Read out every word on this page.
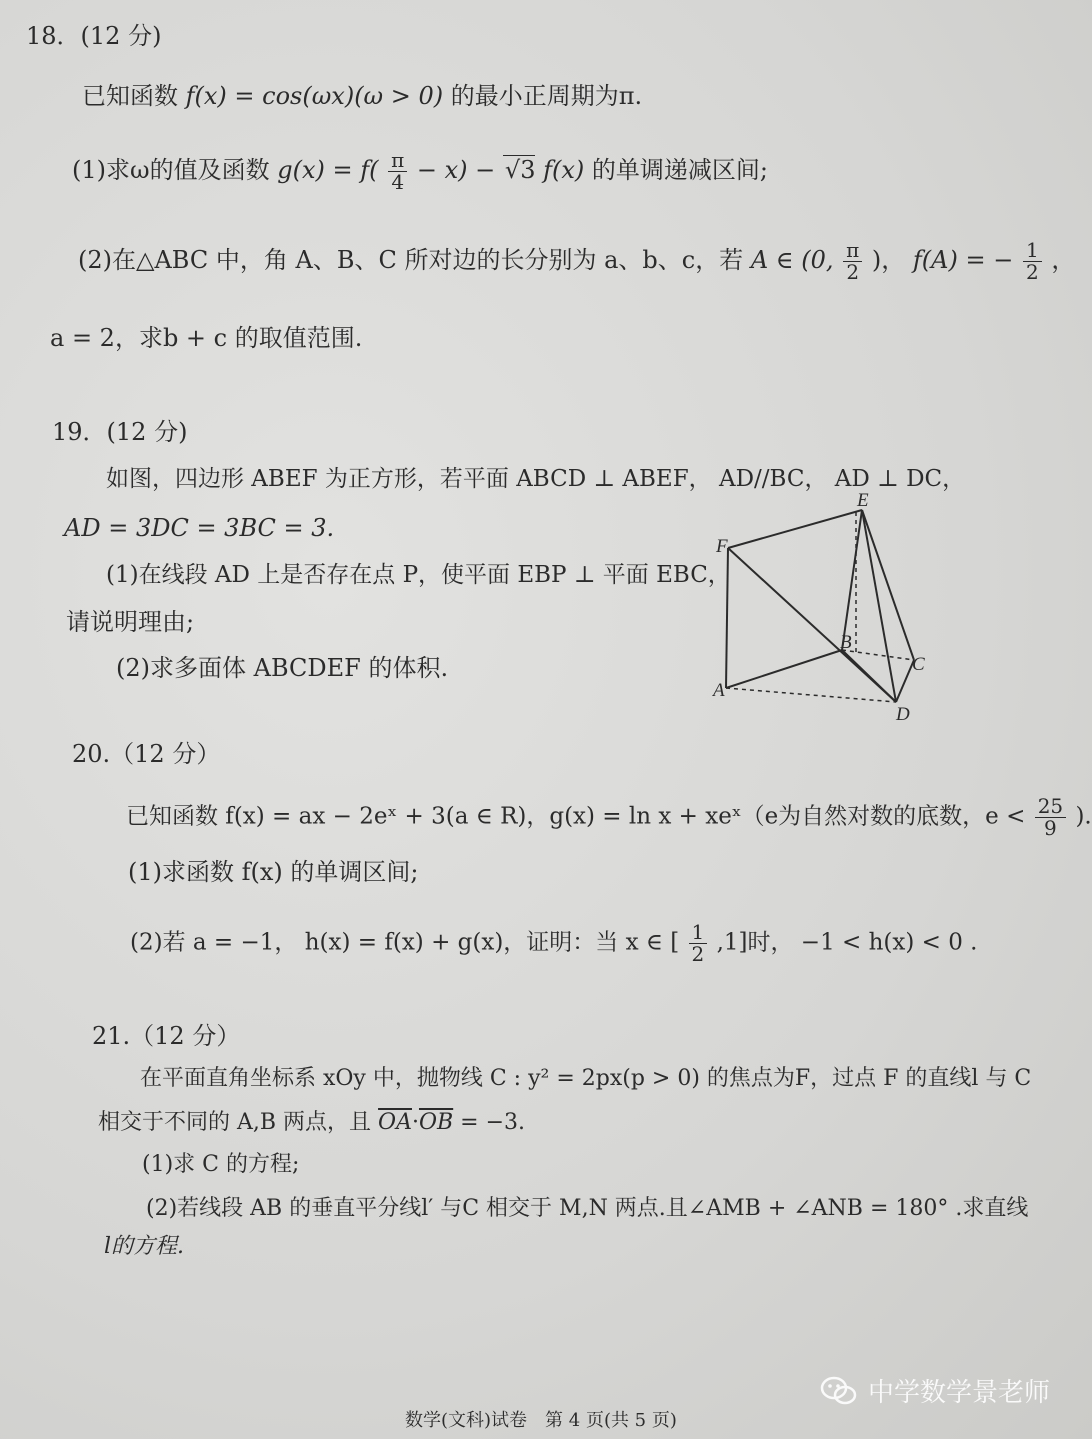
18．(12 分)
已知函数 f(x) = cos(ωx)(ω > 0) 的最小正周期为π.
(1)求ω的值及函数 $g(x) = f( \frac{\pi}{4} - x) - √3$ f(x) 的单调递减区间;
(2)在△ABC 中，角 A、B、C 所对边的长分别为 a、b、c，若 A ∈ (0, $\frac{\pi}{2}$ )， f(A) = − $\frac{1}{2}$ ，
a = 2，求b + c 的取值范围.
19．(12 分)
如图，四边形 ABEF 为正方形，若平面 ABCD ⊥ ABEF， AD//BC， AD ⊥ DC，
AD = 3DC = 3BC = 3.
(1)在线段 AD 上是否存在点 P，使平面 EBP ⊥ 平面 EBC，
请说明理由;
(2)求多面体 ABCDEF 的体积.
E
F
B
C
A
D
20.（12 分）
已知函数 f(x) = ax − 2eˣ + 3(a ∈ R)，g(x) = ln x + xeˣ（e为自然对数的底数，$e < \frac{25}{9}$ ).
(1)求函数 f(x) 的单调区间;
(2)若 a = −1， h(x) = f(x) + g(x)，证明：当 x ∈ [ $\frac{1}{2} ,1$]时， −1 < h(x) < 0 .
21.（12 分）
在平面直角坐标系 xOy 中，抛物线 C : y² = 2px(p > 0) 的焦点为F，过点 F 的直线l 与 C
相交于不同的 A,B 两点，且 $\overline{OA}\cdot\overline{OB} = -3$.
(1)求 C 的方程;
(2)若线段 AB 的垂直平分线l′ 与C 相交于 M,N 两点.且∠AMB + ∠ANB = 180° .求直线
l的方程.
中学数学景老师
数学(文科)试卷　第 4 页(共 5 页)
